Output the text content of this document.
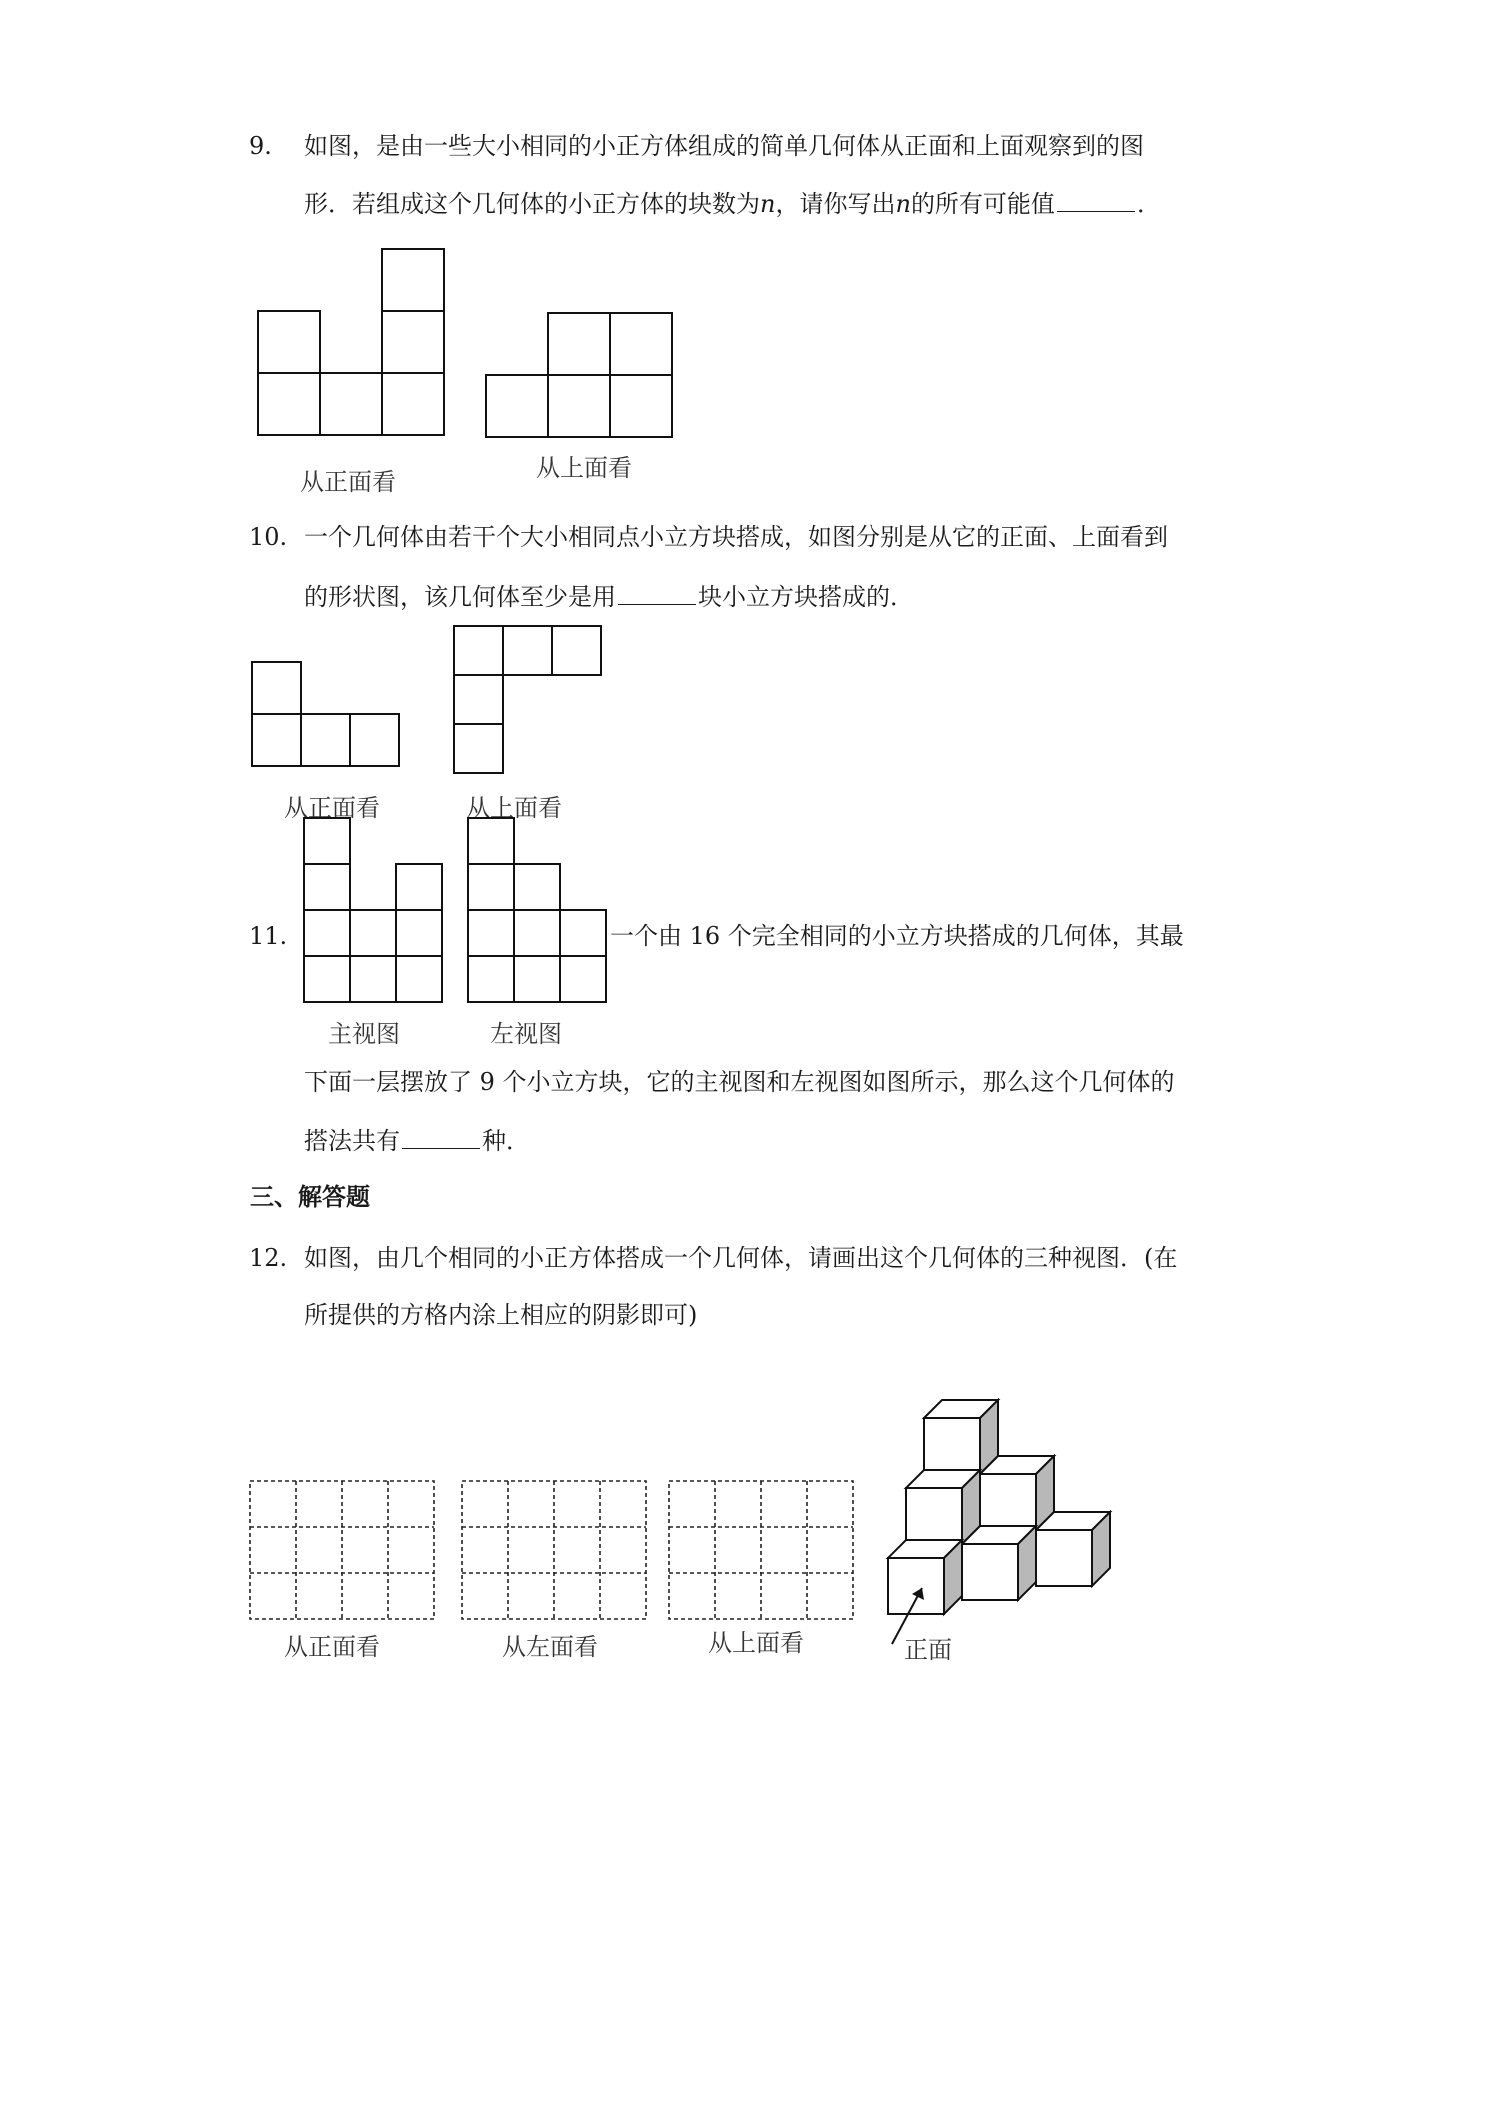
9. 如图，是由一些大小相同的小正方体组成的简单几何体从正面和上面观察到的图
形．若组成这个几何体的小正方体的块数为n，请你写出n的所有可能值	．
从正面看	从上面看
10. 一个几何体由若干个大小相同点小立方块搭成，如图分别是从它的正面、上面看到
的形状图，该几何体至少是用	块小立方块搭成的．
从正面看	从上面看
11.
主视图	左视图
一个由 16 个完全相同的小立方块搭成的几何体，其最
下面一层摆放了 9 个小立方块，它的主视图和左视图如图所示，那么这个几何体的
搭法共有	种．
三、解答题
12. 如图，由几个相同的小正方体搭成一个几何体，请画出这个几何体的三种视图．(在
所提供的方格内涂上相应的阴影即可)
从正面看	从左面看	从上面看	正面
